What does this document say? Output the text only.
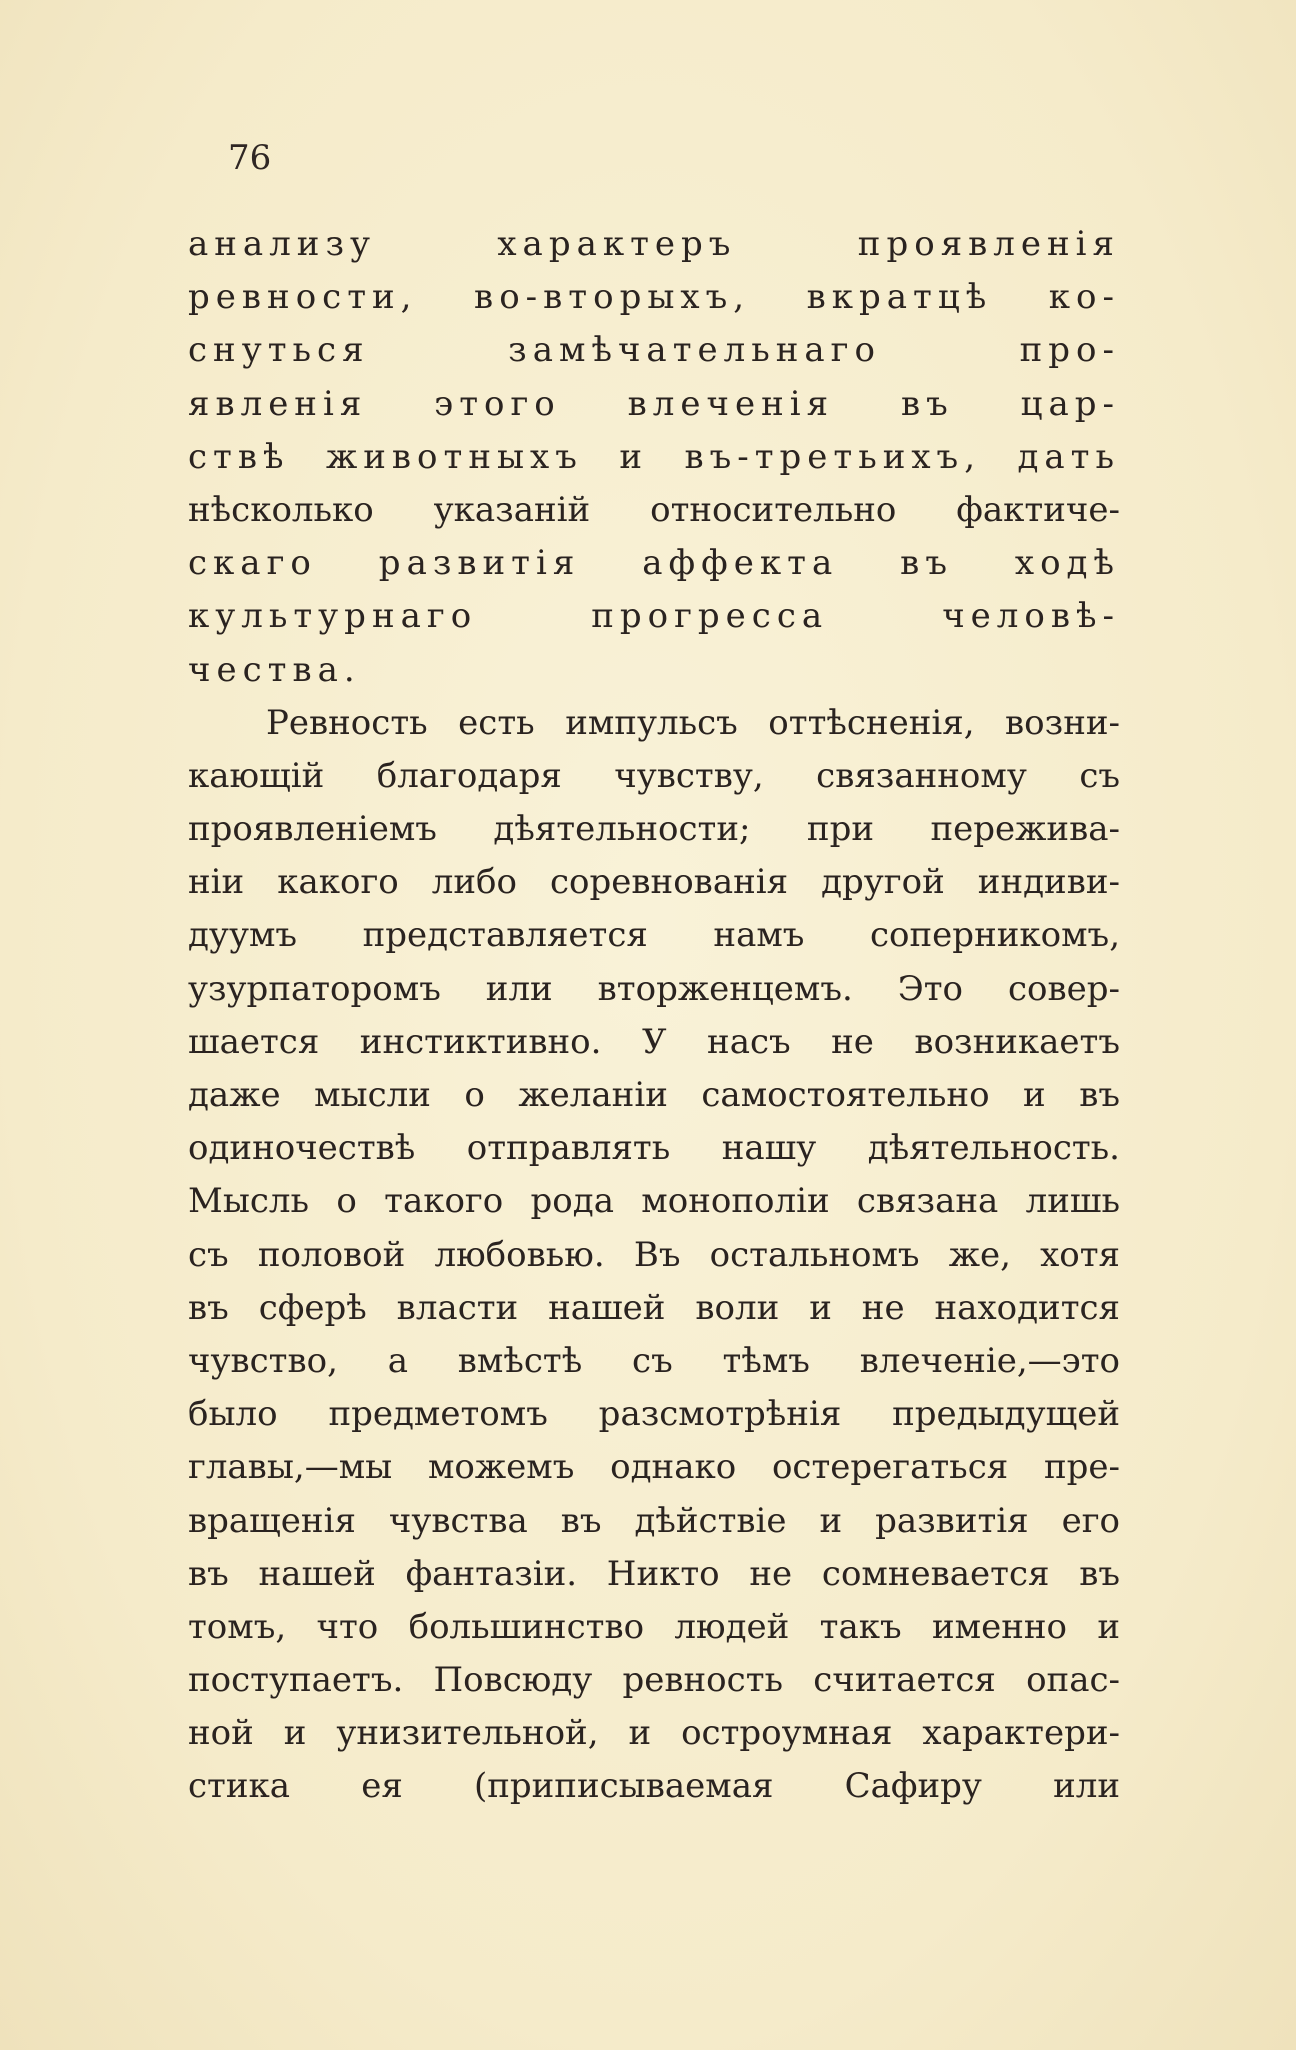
76
анализу характеръ проявленія
ревности, во-вторыхъ, вкратцѣ ко-
снуться замѣчательнаго про-
явленія этого влеченія въ цар-
ствѣ животныхъ и въ-третьихъ, дать
нѣсколько указаній относительно фактиче-
скаго развитія аффекта въ ходѣ
культурнаго прогресса человѣ-
чества.
Ревность есть импульсъ оттѣсненія, возни-
кающій благодаря чувству, связанному съ
проявленіемъ дѣятельности; при пережива-
ніи какого либо соревнованія другой индиви-
дуумъ представляется намъ соперникомъ,
узурпаторомъ или вторженцемъ. Это совер-
шается инстиктивно. У насъ не возникаетъ
даже мысли о желаніи самостоятельно и въ
одиночествѣ отправлять нашу дѣятельность.
Мысль о такого рода монополіи связана лишь
съ половой любовью. Въ остальномъ же, хотя
въ сферѣ власти нашей воли и не находится
чувство, а вмѣстѣ съ тѣмъ влеченіе,—это
было предметомъ разсмотрѣнія предыдущей
главы,—мы можемъ однако остерегаться пре-
вращенія чувства въ дѣйствіе и развитія его
въ нашей фантазіи. Никто не сомневается въ
томъ, что большинство людей такъ именно и
поступаетъ. Повсюду ревность считается опас-
ной и унизительной, и остроумная характери-
стика ея (приписываемая Сафиру или
